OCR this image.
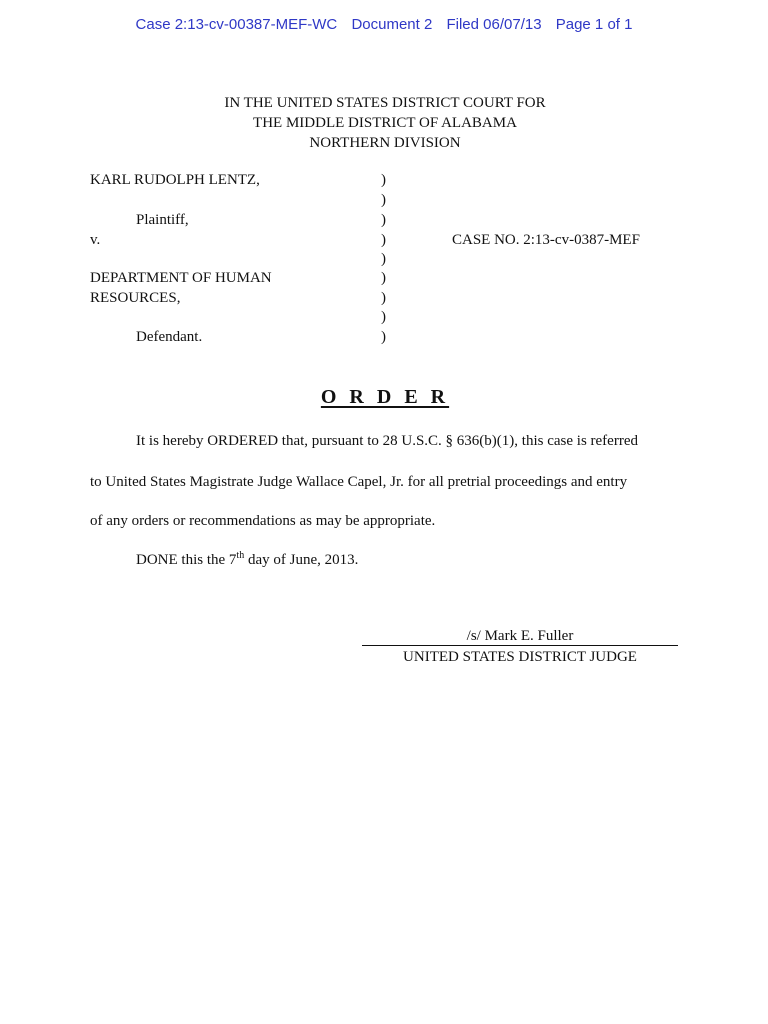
Case 2:13-cv-00387-MEF-WC Document 2 Filed 06/07/13 Page 1 of 1
IN THE UNITED STATES DISTRICT COURT FOR
THE MIDDLE DISTRICT OF ALABAMA
NORTHERN DIVISION
KARL RUDOLPH LENTZ,
Plaintiff,
v.
DEPARTMENT OF HUMAN
RESOURCES,
Defendant.
CASE NO. 2:13-cv-0387-MEF
)
)
)
)
)
)
)
)
)
O R D E R
It is hereby ORDERED that, pursuant to 28 U.S.C. § 636(b)(1), this case is referred
to United States Magistrate Judge Wallace Capel, Jr. for all pretrial proceedings and entry
of any orders or recommendations as may be appropriate.
DONE this the 7th day of June, 2013.
/s/ Mark E. Fuller
UNITED STATES DISTRICT JUDGE
